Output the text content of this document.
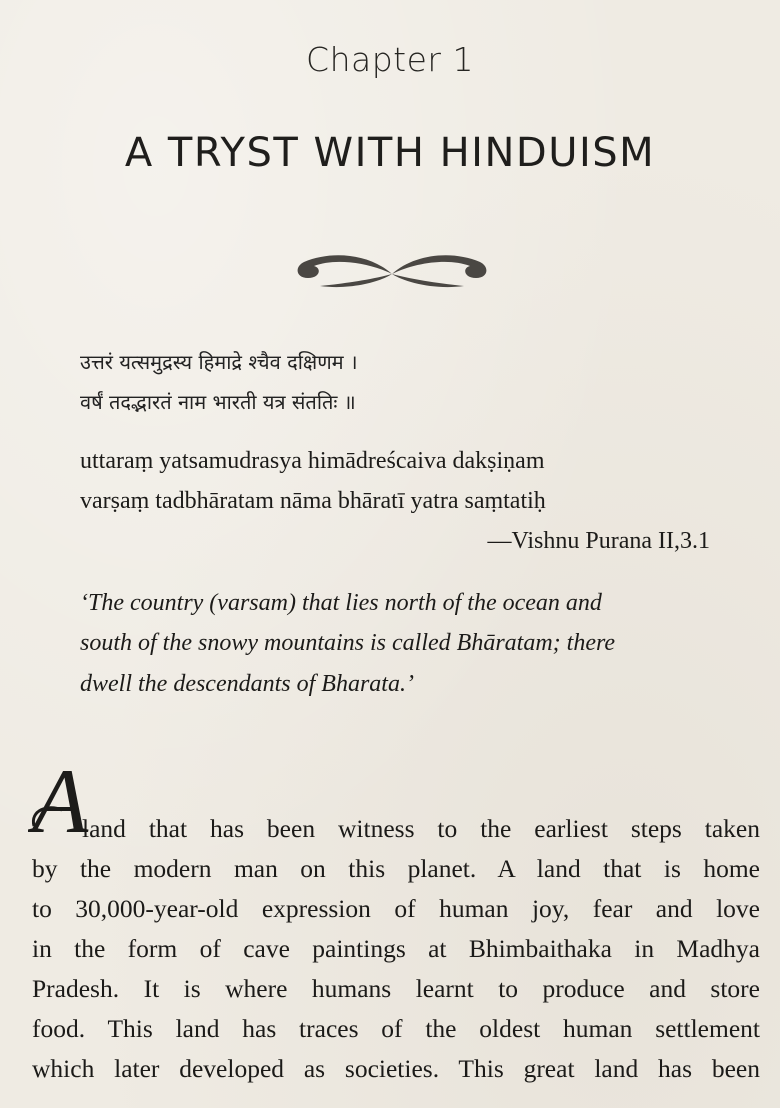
Chapter 1
A TRYST WITH HINDUISM
उत्तरं यत्समुद्रस्य हिमाद्रे श्चैव दक्षिणम ।
वर्षं तदद्भारतं नाम भारती यत्र संततिः ॥
uttaraṃ yatsamudrasya himādreścaiva dakṣiṇam
varṣaṃ tadbhāratam nāma bhāratī yatra saṃtatiḥ
—Vishnu Purana II,3.1
‘The country (varsam) that lies north of the ocean and
south of the snowy mountains is called Bhāratam; there
dwell the descendants of Bharata.’
A
land that has been witness to the earliest steps taken
by the modern man on this planet. A land that is home
to 30,000-year-old expression of human joy, fear and love
in the form of cave paintings at Bhimbaithaka in Madhya
Pradesh. It is where humans learnt to produce and store
food. This land has traces of the oldest human settlement
which later developed as societies. This great land has been
